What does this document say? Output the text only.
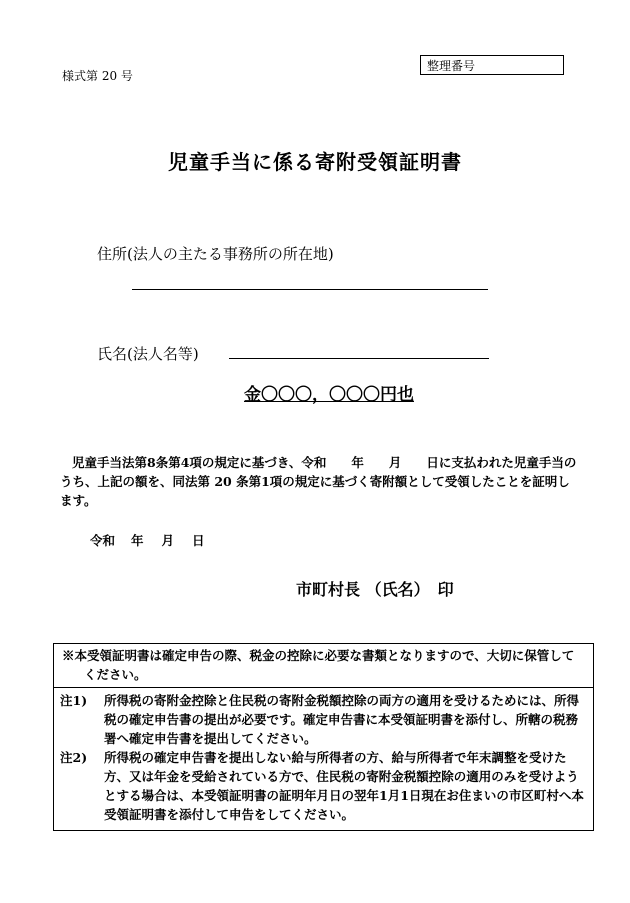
様式第 20 号
整理番号
児童手当に係る寄附受領証明書
住所(法人の主たる事務所の所在地)
氏名(法人名等)
金〇〇〇，〇〇〇円也
児童手当法第8条第4項の規定に基づき、令和　　年　　月　　日に支払われた児童手当のうち、上記の額を、同法第 20 条第1項の規定に基づく寄附額として受領したことを証明します。
令和 年 月 日
市町村長 （氏名）　印
※本受領証明書は確定申告の際、税金の控除に必要な書類となりますので、大切に保管して
ください。
注1)	所得税の寄附金控除と住民税の寄附金税額控除の両方の適用を受けるためには、所得税の確定申告書の提出が必要です。確定申告書に本受領証明書を添付し、所轄の税務署へ確定申告書を提出してください。
注2)	所得税の確定申告書を提出しない給与所得者の方、給与所得者で年末調整を受けた方、又は年金を受給されている方で、住民税の寄附金税額控除の適用のみを受けようとする場合は、本受領証明書の証明年月日の翌年1月1日現在お住まいの市区町村へ本受領証明書を添付して申告をしてください。
